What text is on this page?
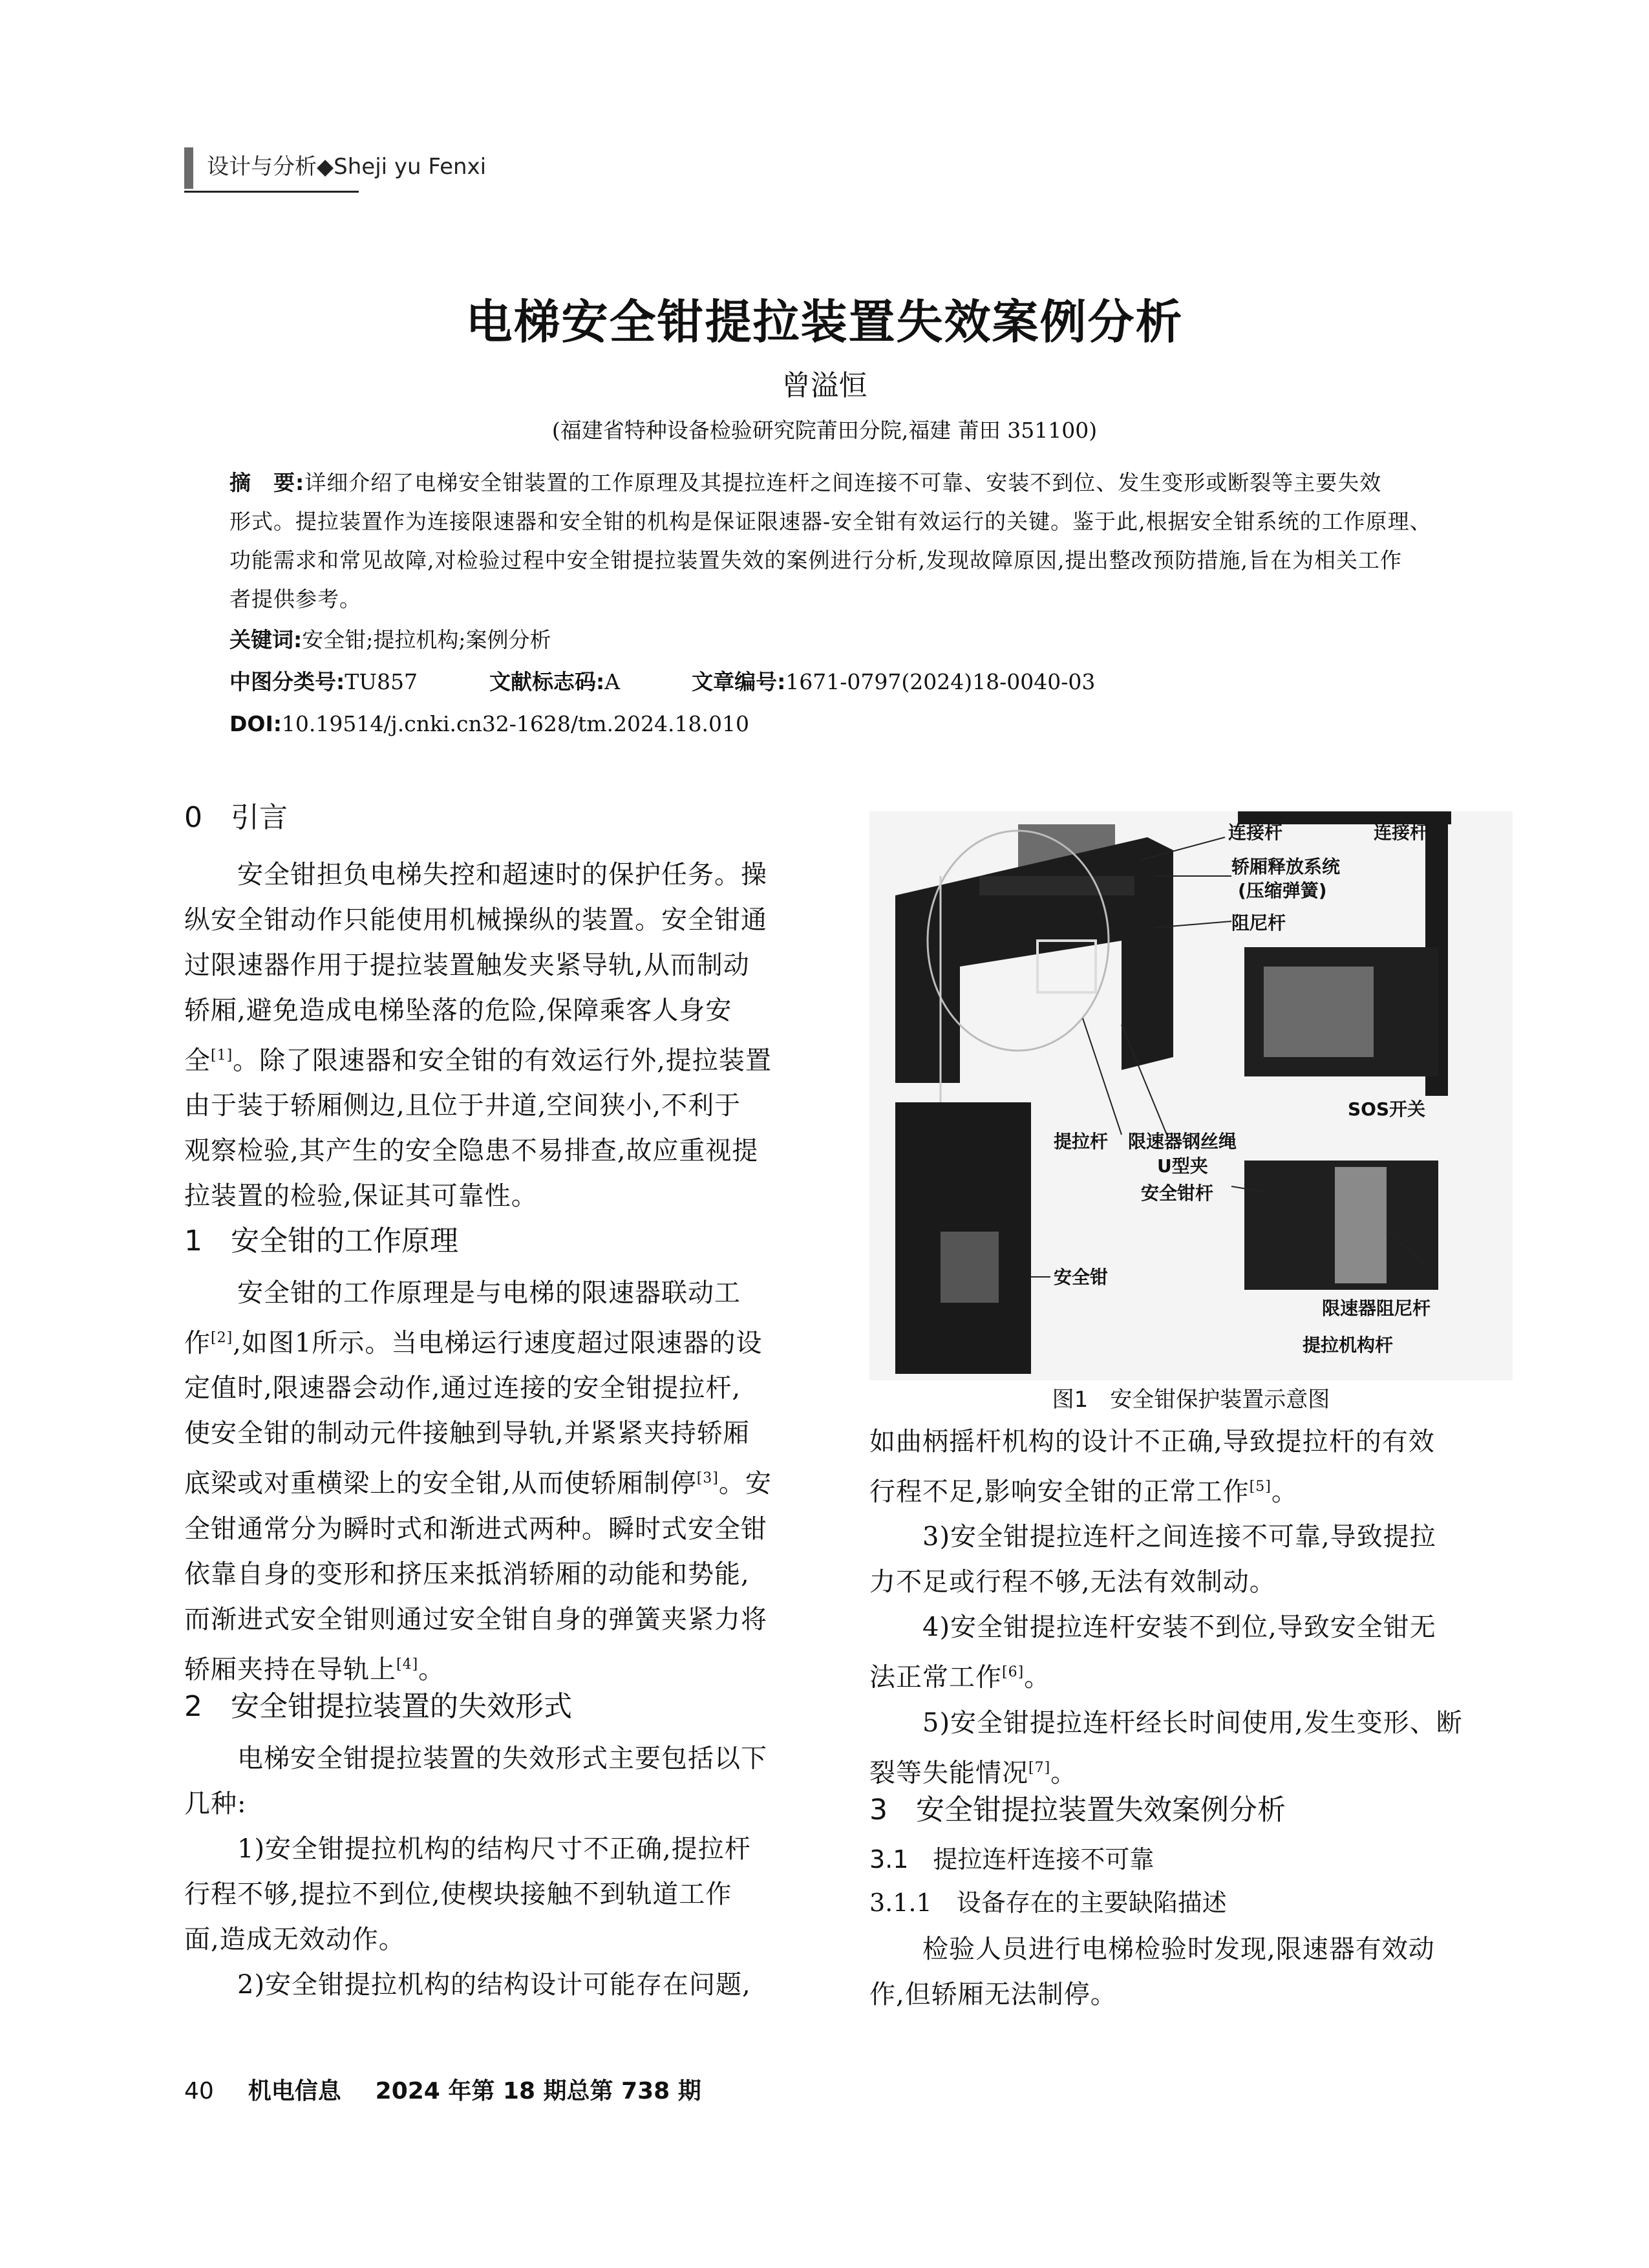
设计与分析◆Sheji yu Fenxi
电梯安全钳提拉装置失效案例分析
曾溢恒
(福建省特种设备检验研究院莆田分院,福建 莆田 351100)
摘　要:详细介绍了电梯安全钳装置的工作原理及其提拉连杆之间连接不可靠、安装不到位、发生变形或断裂等主要失效
形式。提拉装置作为连接限速器和安全钳的机构是保证限速器-安全钳有效运行的关键。鉴于此,根据安全钳系统的工作原理、
功能需求和常见故障,对检验过程中安全钳提拉装置失效的案例进行分析,发现故障原因,提出整改预防措施,旨在为相关工作
者提供参考。
关键词:安全钳;提拉机构;案例分析
中图分类号:TU857	文献标志码:A	文章编号:1671-0797(2024)18-0040-03
DOI:10.19514/j.cnki.cn32-1628/tm.2024.18.010
0　引言
　　安全钳担负电梯失控和超速时的保护任务。操
纵安全钳动作只能使用机械操纵的装置。安全钳通
过限速器作用于提拉装置触发夹紧导轨,从而制动
轿厢,避免造成电梯坠落的危险,保障乘客人身安
全[1]。除了限速器和安全钳的有效运行外,提拉装置
由于装于轿厢侧边,且位于井道,空间狭小,不利于
观察检验,其产生的安全隐患不易排查,故应重视提
拉装置的检验,保证其可靠性。
1　安全钳的工作原理
　　安全钳的工作原理是与电梯的限速器联动工
作[2],如图1所示。当电梯运行速度超过限速器的设
定值时,限速器会动作,通过连接的安全钳提拉杆,
使安全钳的制动元件接触到导轨,并紧紧夹持轿厢
底梁或对重横梁上的安全钳,从而使轿厢制停[3]。安
全钳通常分为瞬时式和渐进式两种。瞬时式安全钳
依靠自身的变形和挤压来抵消轿厢的动能和势能,
而渐进式安全钳则通过安全钳自身的弹簧夹紧力将
轿厢夹持在导轨上[4]。
2　安全钳提拉装置的失效形式
　　电梯安全钳提拉装置的失效形式主要包括以下
几种:
　　1)安全钳提拉机构的结构尺寸不正确,提拉杆
行程不够,提拉不到位,使楔块接触不到轨道工作
面,造成无效动作。
　　2)安全钳提拉机构的结构设计可能存在问题,
连接杆	连接杆
轿厢释放系统
(压缩弹簧)
阻尼杆
提拉杆 限速器钢丝绳
U型夹
SOS开关
安全钳杆
限速器阻尼杆
安全钳
提拉机构杆
图1　安全钳保护装置示意图
如曲柄摇杆机构的设计不正确,导致提拉杆的有效
行程不足,影响安全钳的正常工作[5]。
　　3)安全钳提拉连杆之间连接不可靠,导致提拉
力不足或行程不够,无法有效制动。
　　4)安全钳提拉连杆安装不到位,导致安全钳无
法正常工作[6]。
　　5)安全钳提拉连杆经长时间使用,发生变形、断
裂等失能情况[7]。
3　安全钳提拉装置失效案例分析
3.1　提拉连杆连接不可靠
3.1.1　设备存在的主要缺陷描述
　　检验人员进行电梯检验时发现,限速器有效动
作,但轿厢无法制停。
40 机电信息 2024 年第 18 期总第 738 期
